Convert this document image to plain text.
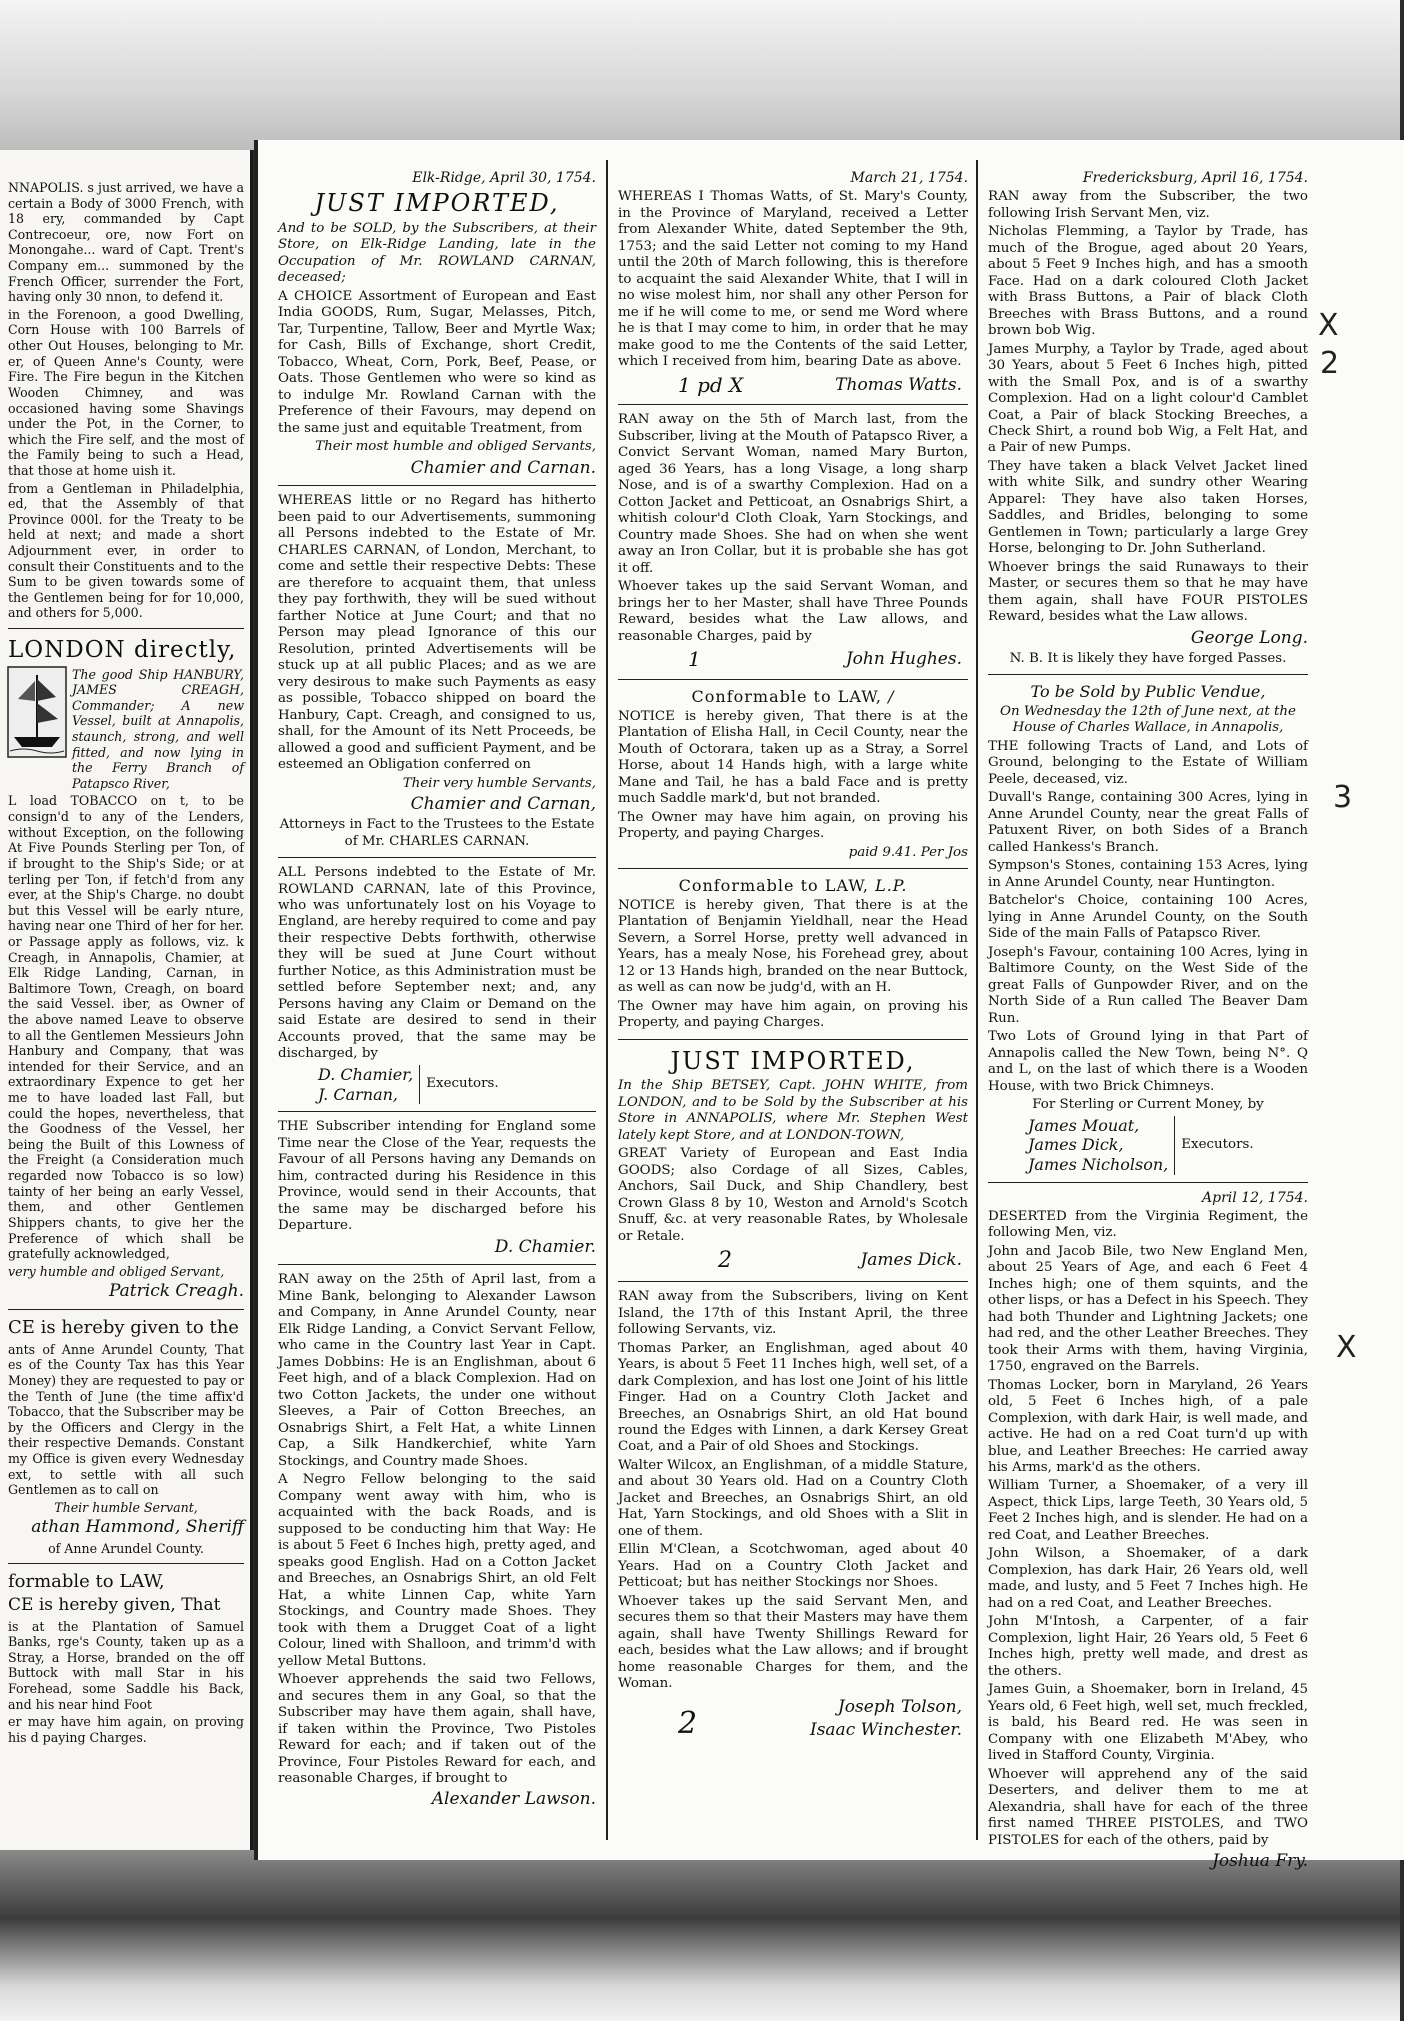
NNAPOLIS. s just arrived, we have a certain a Body of 3000 French, with 18 ery, commanded by Capt Contrecoeur, ore, now Fort on Monongahe... ward of Capt. Trent's Company em... summoned by the French Officer, surrender the Fort, having only 30 nnon, to defend it.

in the Forenoon, a good Dwelling, Corn House with 100 Barrels of other Out Houses, belonging to Mr. er, of Queen Anne's County, were Fire. The Fire begun in the Kitchen Wooden Chimney, and was occasioned having some Shavings under the Pot, in the Corner, to which the Fire self, and the most of the Family being to such a Head, that those at home uish it.

from a Gentleman in Philadelphia, ed, that the Assembly of that Province 000l. for the Treaty to be held at next; and made a short Adjournment ever, in order to consult their Constituents and to the Sum to be given towards some of the Gentlemen being for for 10,000, and others for 5,000.

LONDON directly,

The good Ship HANBURY, JAMES CREAGH, Commander; A new Vessel, built at Annapolis, staunch, strong, and well fitted, and now lying in the Ferry Branch of Patapsco River,

L load TOBACCO on t, to be consign'd to any of the Lenders, without Exception, on the following At Five Pounds Sterling per Ton, of if brought to the Ship's Side; or at terling per Ton, if fetch'd from any ever, at the Ship's Charge. no doubt but this Vessel will be early nture, having near one Third of her for her. or Passage apply as follows, viz. k Creagh, in Annapolis, Chamier, at Elk Ridge Landing, Carnan, in Baltimore Town, Creagh, on board the said Vessel. iber, as Owner of the above named Leave to observe to all the Gentlemen Messieurs John Hanbury and Company, that was intended for their Service, and an extraordinary Expence to get her me to have loaded last Fall, but could the hopes, nevertheless, that the Goodness of the Vessel, her being the Built of this Lowness of the Freight (a Consideration much regarded now Tobacco is so low) tainty of her being an early Vessel, them, and other Gentlemen Shippers chants, to give her the Preference of which shall be gratefully acknowledged,

very humble and obliged Servant,

Patrick Creagh.

CE is hereby given to the

ants of Anne Arundel County, That es of the County Tax has this Year Money) they are requested to pay or the Tenth of June (the time affix'd Tobacco, that the Subscriber may be by the Officers and Clergy in the their respective Demands. Constant my Office is given every Wednesday ext, to settle with all such Gentlemen as to call on

Their humble Servant,

athan Hammond, Sheriff

of Anne Arundel County.

formable to LAW,

CE is hereby given, That

is at the Plantation of Samuel Banks, rge's County, taken up as a Stray, a Horse, branded on the off Buttock with mall Star in his Forehead, some Saddle his Back, and his near hind Foot

er may have him again, on proving his d paying Charges.

Elk-Ridge, April 30, 1754.

JUST IMPORTED,

And to be SOLD, by the Subscribers, at their Store, on Elk-Ridge Landing, late in the Occupation of Mr. ROWLAND CARNAN, deceased;

A CHOICE Assortment of European and East India GOODS, Rum, Sugar, Melasses, Pitch, Tar, Turpentine, Tallow, Beer and Myrtle Wax; for Cash, Bills of Exchange, short Credit, Tobacco, Wheat, Corn, Pork, Beef, Pease, or Oats. Those Gentlemen who were so kind as to indulge Mr. Rowland Carnan with the Preference of their Favours, may depend on the same just and equitable Treatment, from

Their most humble and obliged Servants,

Chamier and Carnan.

WHEREAS little or no Regard has hitherto been paid to our Advertisements, summoning all Persons indebted to the Estate of Mr. CHARLES CARNAN, of London, Merchant, to come and settle their respective Debts: These are therefore to acquaint them, that unless they pay forthwith, they will be sued without farther Notice at June Court; and that no Person may plead Ignorance of this our Resolution, printed Advertisements will be stuck up at all public Places; and as we are very desirous to make such Payments as easy as possible, Tobacco shipped on board the Hanbury, Capt. Creagh, and consigned to us, shall, for the Amount of its Nett Proceeds, be allowed a good and sufficient Payment, and be esteemed an Obligation conferred on

Their very humble Servants,

Chamier and Carnan,

Attorneys in Fact to the Trustees to the Estate of Mr. CHARLES CARNAN.

ALL Persons indebted to the Estate of Mr. ROWLAND CARNAN, late of this Province, who was unfortunately lost on his Voyage to England, are hereby required to come and pay their respective Debts forthwith, otherwise they will be sued at June Court without further Notice, as this Administration must be settled before September next; and, any Persons having any Claim or Demand on the said Estate are desired to send in their Accounts proved, that the same may be discharged, by

D. Chamier,
J. Carnan,
Executors.

THE Subscriber intending for England some Time near the Close of the Year, requests the Favour of all Persons having any Demands on him, contracted during his Residence in this Province, would send in their Accounts, that the same may be discharged before his Departure.

D. Chamier.

RAN away on the 25th of April last, from a Mine Bank, belonging to Alexander Lawson and Company, in Anne Arundel County, near Elk Ridge Landing, a Convict Servant Fellow, who came in the Country last Year in Capt. James Dobbins: He is an Englishman, about 6 Feet high, and of a black Complexion. Had on two Cotton Jackets, the under one without Sleeves, a Pair of Cotton Breeches, an Osnabrigs Shirt, a Felt Hat, a white Linnen Cap, a Silk Handkerchief, white Yarn Stockings, and Country made Shoes.

A Negro Fellow belonging to the said Company went away with him, who is acquainted with the back Roads, and is supposed to be conducting him that Way: He is about 5 Feet 6 Inches high, pretty aged, and speaks good English. Had on a Cotton Jacket and Breeches, an Osnabrigs Shirt, an old Felt Hat, a white Linnen Cap, white Yarn Stockings, and Country made Shoes. They took with them a Drugget Coat of a light Colour, lined with Shalloon, and trimm'd with yellow Metal Buttons.

Whoever apprehends the said two Fellows, and secures them in any Goal, so that the Subscriber may have them again, shall have, if taken within the Province, Two Pistoles Reward for each; and if taken out of the Province, Four Pistoles Reward for each, and reasonable Charges, if brought to

Alexander Lawson.

March 21, 1754.

WHEREAS I Thomas Watts, of St. Mary's County, in the Province of Maryland, received a Letter from Alexander White, dated September the 9th, 1753; and the said Letter not coming to my Hand until the 20th of March following, this is therefore to acquaint the said Alexander White, that I will in no wise molest him, nor shall any other Person for me if he will come to me, or send me Word where he is that I may come to him, in order that he may make good to me the Contents of the said Letter, which I received from him, bearing Date as above.

1 pd X	Thomas Watts.

RAN away on the 5th of March last, from the Subscriber, living at the Mouth of Patapsco River, a Convict Servant Woman, named Mary Burton, aged 36 Years, has a long Visage, a long sharp Nose, and is of a swarthy Complexion. Had on a Cotton Jacket and Petticoat, an Osnabrigs Shirt, a whitish colour'd Cloth Cloak, Yarn Stockings, and Country made Shoes. She had on when she went away an Iron Collar, but it is probable she has got it off.

Whoever takes up the said Servant Woman, and brings her to her Master, shall have Three Pounds Reward, besides what the Law allows, and reasonable Charges, paid by

1	John Hughes.

Conformable to LAW, /

NOTICE is hereby given, That there is at the Plantation of Elisha Hall, in Cecil County, near the Mouth of Octorara, taken up as a Stray, a Sorrel Horse, about 14 Hands high, with a large white Mane and Tail, he has a bald Face and is pretty much Saddle mark'd, but not branded.

The Owner may have him again, on proving his Property, and paying Charges.

paid 9.41. Per Jos

Conformable to LAW, L.P.

NOTICE is hereby given, That there is at the Plantation of Benjamin Yieldhall, near the Head Severn, a Sorrel Horse, pretty well advanced in Years, has a mealy Nose, his Forehead grey, about 12 or 13 Hands high, branded on the near Buttock, as well as can now be judg'd, with an H.

The Owner may have him again, on proving his Property, and paying Charges.

JUST IMPORTED,

In the Ship BETSEY, Capt. JOHN WHITE, from LONDON, and to be Sold by the Subscriber at his Store in ANNAPOLIS, where Mr. Stephen West lately kept Store, and at LONDON-TOWN,

GREAT Variety of European and East India GOODS; also Cordage of all Sizes, Cables, Anchors, Sail Duck, and Ship Chandlery, best Crown Glass 8 by 10, Weston and Arnold's Scotch Snuff, &c. at very reasonable Rates, by Wholesale or Retale.

2	James Dick.

RAN away from the Subscribers, living on Kent Island, the 17th of this Instant April, the three following Servants, viz.

Thomas Parker, an Englishman, aged about 40 Years, is about 5 Feet 11 Inches high, well set, of a dark Complexion, and has lost one Joint of his little Finger. Had on a Country Cloth Jacket and Breeches, an Osnabrigs Shirt, an old Hat bound round the Edges with Linnen, a dark Kersey Great Coat, and a Pair of old Shoes and Stockings.

Walter Wilcox, an Englishman, of a middle Stature, and about 30 Years old. Had on a Country Cloth Jacket and Breeches, an Osnabrigs Shirt, an old Hat, Yarn Stockings, and old Shoes with a Slit in one of them.

Ellin M'Clean, a Scotchwoman, aged about 40 Years. Had on a Country Cloth Jacket and Petticoat; but has neither Stockings nor Shoes.

Whoever takes up the said Servant Men, and secures them so that their Masters may have them again, shall have Twenty Shillings Reward for each, besides what the Law allows; and if brought home reasonable Charges for them, and the Woman.

2	Joseph Tolson,
Isaac Winchester.

Fredericksburg, April 16, 1754.

RAN away from the Subscriber, the two following Irish Servant Men, viz.

Nicholas Flemming, a Taylor by Trade, has much of the Brogue, aged about 20 Years, about 5 Feet 9 Inches high, and has a smooth Face. Had on a dark coloured Cloth Jacket with Brass Buttons, a Pair of black Cloth Breeches with Brass Buttons, and a round brown bob Wig.

James Murphy, a Taylor by Trade, aged about 30 Years, about 5 Feet 6 Inches high, pitted with the Small Pox, and is of a swarthy Complexion. Had on a light colour'd Camblet Coat, a Pair of black Stocking Breeches, a Check Shirt, a round bob Wig, a Felt Hat, and a Pair of new Pumps.

They have taken a black Velvet Jacket lined with white Silk, and sundry other Wearing Apparel: They have also taken Horses, Saddles, and Bridles, belonging to some Gentlemen in Town; particularly a large Grey Horse, belonging to Dr. John Sutherland.

Whoever brings the said Runaways to their Master, or secures them so that he may have them again, shall have FOUR PISTOLES Reward, besides what the Law allows.

George Long.

N. B. It is likely they have forged Passes.

To be Sold by Public Vendue,

On Wednesday the 12th of June next, at the House of Charles Wallace, in Annapolis,

THE following Tracts of Land, and Lots of Ground, belonging to the Estate of William Peele, deceased, viz.

Duvall's Range, containing 300 Acres, lying in Anne Arundel County, near the great Falls of Patuxent River, on both Sides of a Branch called Hankess's Branch.

Sympson's Stones, containing 153 Acres, lying in Anne Arundel County, near Huntington.

Batchelor's Choice, containing 100 Acres, lying in Anne Arundel County, on the South Side of the main Falls of Patapsco River.

Joseph's Favour, containing 100 Acres, lying in Baltimore County, on the West Side of the great Falls of Gunpowder River, and on the North Side of a Run called The Beaver Dam Run.

Two Lots of Ground lying in that Part of Annapolis called the New Town, being N°. Q and L, on the last of which there is a Wooden House, with two Brick Chimneys.

For Sterling or Current Money, by

James Mouat,
James Dick,
James Nicholson,
Executors.

April 12, 1754.

DESERTED from the Virginia Regiment, the following Men, viz.

John and Jacob Bile, two New England Men, about 25 Years of Age, and each 6 Feet 4 Inches high; one of them squints, and the other lisps, or has a Defect in his Speech. They had both Thunder and Lightning Jackets; one had red, and the other Leather Breeches. They took their Arms with them, having Virginia, 1750, engraved on the Barrels.

Thomas Locker, born in Maryland, 26 Years old, 5 Feet 6 Inches high, of a pale Complexion, with dark Hair, is well made, and active. He had on a red Coat turn'd up with blue, and Leather Breeches: He carried away his Arms, mark'd as the others.

William Turner, a Shoemaker, of a very ill Aspect, thick Lips, large Teeth, 30 Years old, 5 Feet 2 Inches high, and is slender. He had on a red Coat, and Leather Breeches.

John Wilson, a Shoemaker, of a dark Complexion, has dark Hair, 26 Years old, well made, and lusty, and 5 Feet 7 Inches high. He had on a red Coat, and Leather Breeches.

John M'Intosh, a Carpenter, of a fair Complexion, light Hair, 26 Years old, 5 Feet 6 Inches high, pretty well made, and drest as the others.

James Guin, a Shoemaker, born in Ireland, 45 Years old, 6 Feet high, well set, much freckled, is bald, his Beard red. He was seen in Company with one Elizabeth M'Abey, who lived in Stafford County, Virginia.

Whoever will apprehend any of the said Deserters, and deliver them to me at Alexandria, shall have for each of the three first named THREE PISTOLES, and TWO PISTOLES for each of the others, paid by

Joshua Fry.

X
2
3
X
